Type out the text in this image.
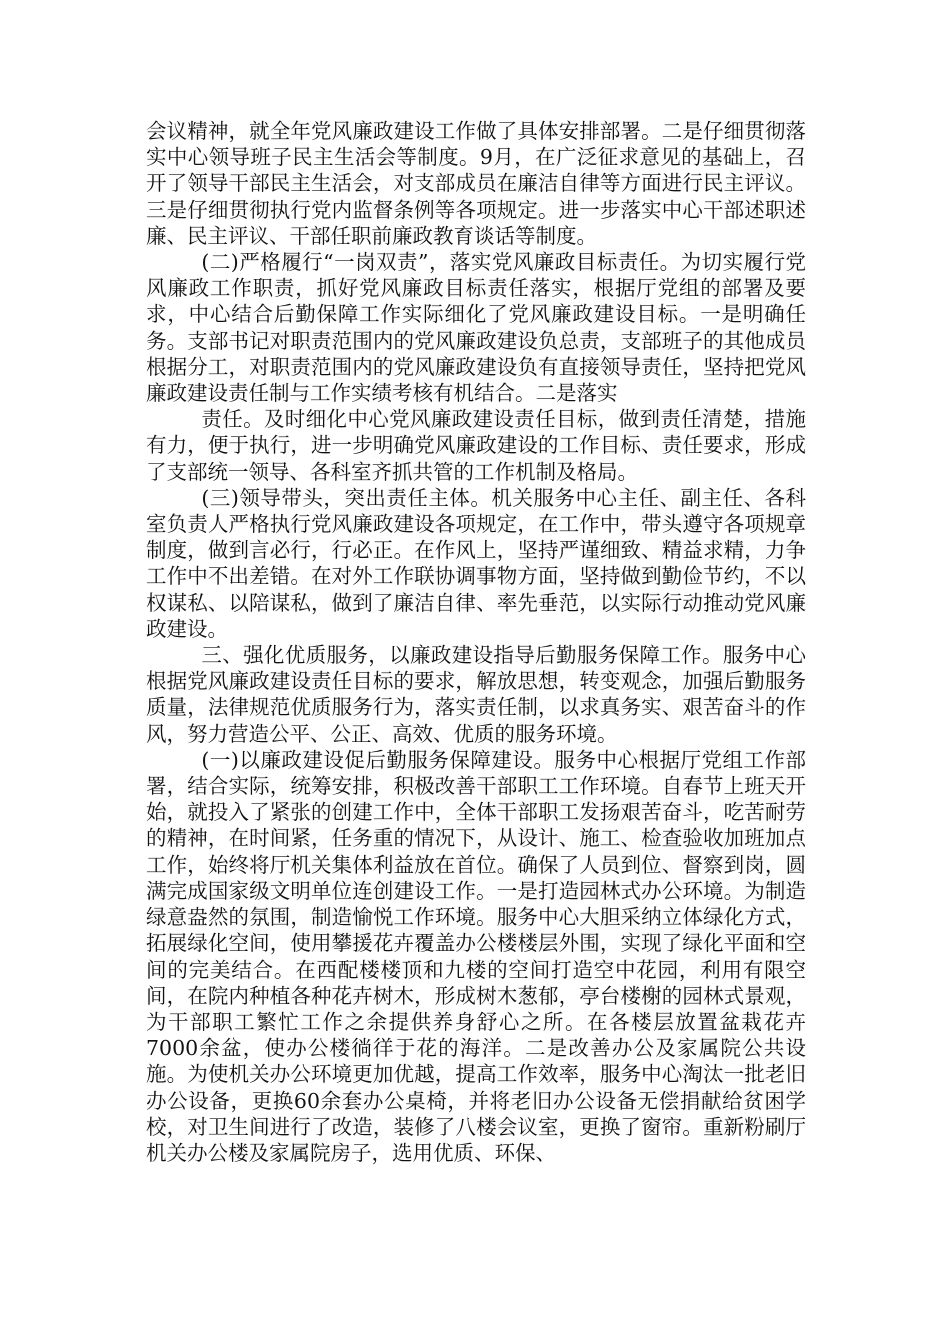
会议精神，就全年党风廉政建设工作做了具体安排部署。二是仔细贯彻落实中心领导班子民主生活会等制度。9月，在广泛征求意见的基础上，召开了领导干部民主生活会，对支部成员在廉洁自律等方面进行民主评议。三是仔细贯彻执行党内监督条例等各项规定。进一步落实中心干部述职述廉、民主评议、干部任职前廉政教育谈话等制度。

(二)严格履行“一岗双责”，落实党风廉政目标责任。为切实履行党风廉政工作职责，抓好党风廉政目标责任落实，根据厅党组的部署及要求，中心结合后勤保障工作实际细化了党风廉政建设目标。一是明确任务。支部书记对职责范围内的党风廉政建设负总责，支部班子的其他成员根据分工，对职责范围内的党风廉政建设负有直接领导责任，坚持把党风廉政建设责任制与工作实绩考核有机结合。二是落实

责任。及时细化中心党风廉政建设责任目标，做到责任清楚，措施有力，便于执行，进一步明确党风廉政建设的工作目标、责任要求，形成了支部统一领导、各科室齐抓共管的工作机制及格局。

(三)领导带头，突出责任主体。机关服务中心主任、副主任、各科室负责人严格执行党风廉政建设各项规定，在工作中，带头遵守各项规章制度，做到言必行，行必正。在作风上，坚持严谨细致、精益求精，力争工作中不出差错。在对外工作联协调事物方面，坚持做到勤俭节约，不以权谋私、以陪谋私，做到了廉洁自律、率先垂范，以实际行动推动党风廉政建设。

三、强化优质服务，以廉政建设指导后勤服务保障工作。服务中心根据党风廉政建设责任目标的要求，解放思想，转变观念，加强后勤服务质量，法律规范优质服务行为，落实责任制，以求真务实、艰苦奋斗的作风，努力营造公平、公正、高效、优质的服务环境。

(一)以廉政建设促后勤服务保障建设。服务中心根据厅党组工作部署，结合实际，统筹安排，积极改善干部职工工作环境。自春节上班天开始，就投入了紧张的创建工作中，全体干部职工发扬艰苦奋斗，吃苦耐劳的精神，在时间紧，任务重的情况下，从设计、施工、检查验收加班加点工作，始终将厅机关集体利益放在首位。确保了人员到位、督察到岗，圆满完成国家级文明单位连创建设工作。一是打造园林式办公环境。为制造绿意盎然的氛围，制造愉悦工作环境。服务中心大胆采纳立体绿化方式，拓展绿化空间，使用攀援花卉覆盖办公楼楼层外围，实现了绿化平面和空间的完美结合。在西配楼楼顶和九楼的空间打造空中花园，利用有限空间，在院内种植各种花卉树木，形成树木葱郁，亭台楼榭的园林式景观，为干部职工繁忙工作之余提供养身舒心之所。在各楼层放置盆栽花卉7000余盆，使办公楼徜徉于花的海洋。二是改善办公及家属院公共设施。为使机关办公环境更加优越，提高工作效率，服务中心淘汰一批老旧办公设备，更换60余套办公桌椅，并将老旧办公设备无偿捐献给贫困学校，对卫生间进行了改造，装修了八楼会议室，更换了窗帘。重新粉刷厅机关办公楼及家属院房子，选用优质、环保、
